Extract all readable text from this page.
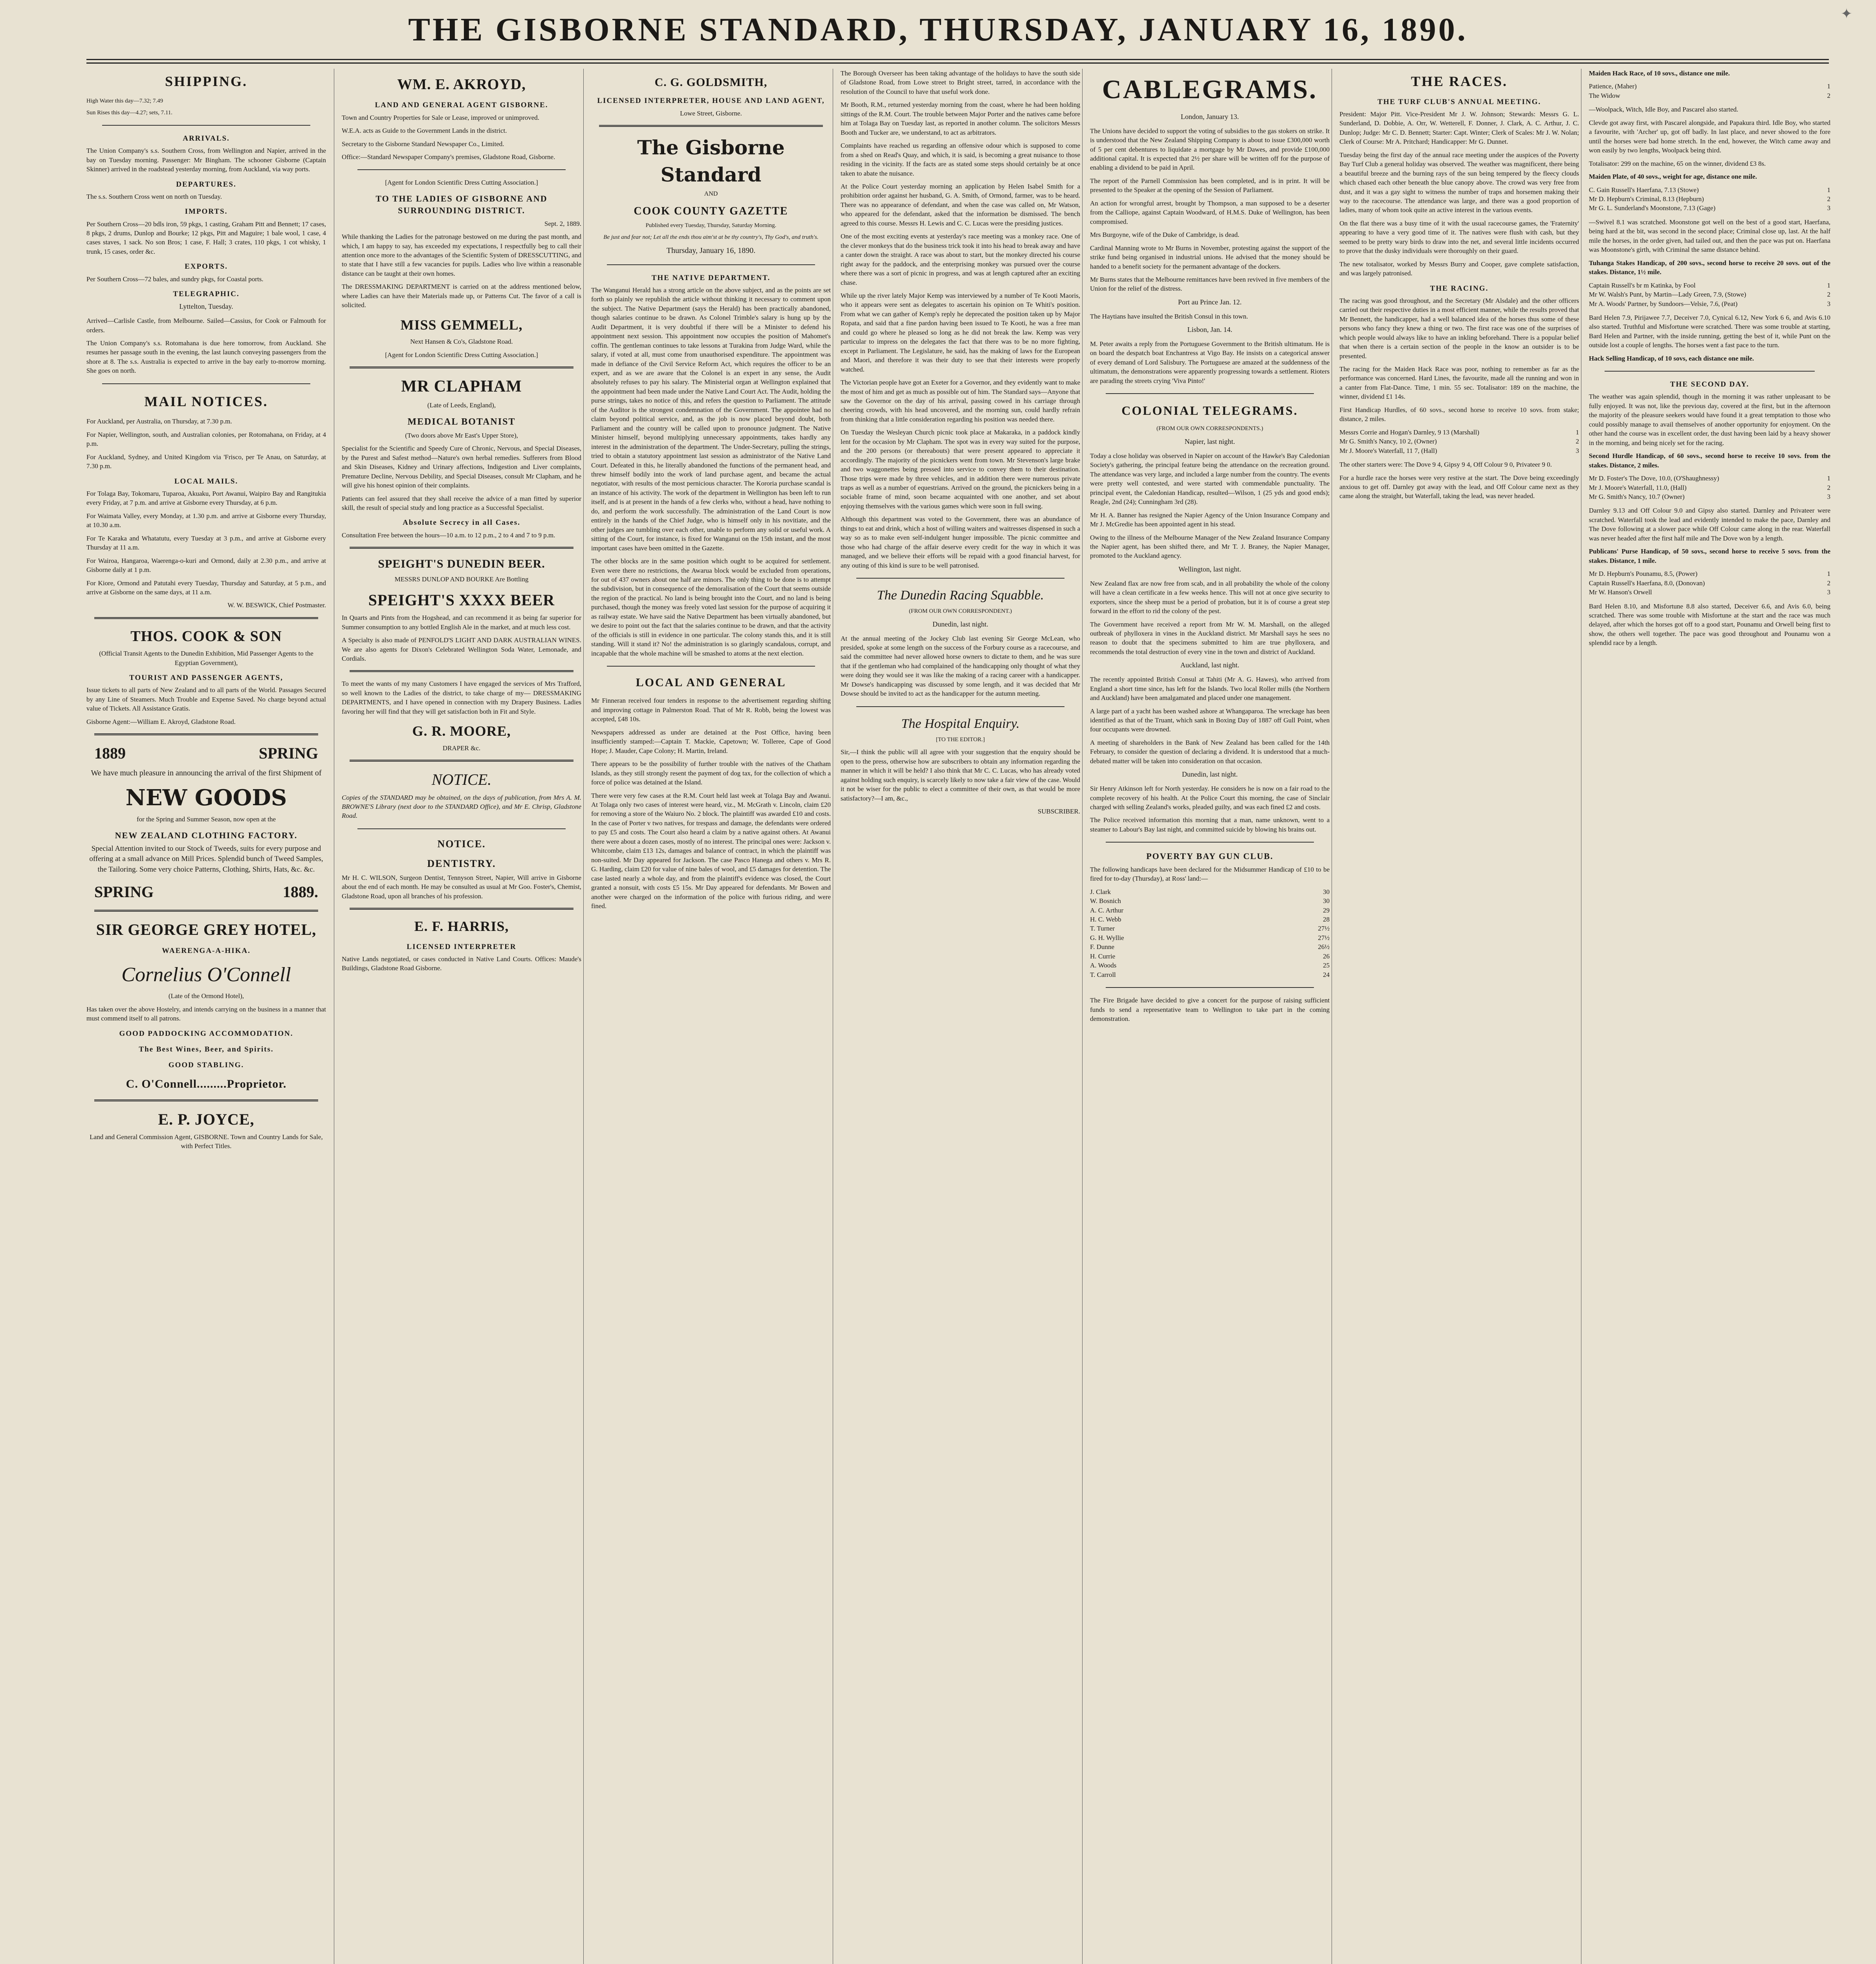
THE GISBORNE STANDARD, THURSDAY, JANUARY 16, 1890.	✦
SHIPPING.
High Water this day—7.32; 7.49
Sun Rises this day—4.27; sets, 7.11.
ARRIVALS.
The Union Company's s.s. Southern Cross, from Wellington and Napier, arrived in the bay on Tuesday morning. Passenger: Mr Bingham. The schooner Gisborne (Captain Skinner) arrived in the roadstead yesterday morning, from Auckland, via way ports.
DEPARTURES.
The s.s. Southern Cross went on north on Tuesday.
IMPORTS.
Per Southern Cross—20 bdls iron, 59 pkgs, 1 casting, Graham Pitt and Bennett; 17 cases, 8 pkgs, 2 drums, Dunlop and Bourke; 12 pkgs, Pitt and Maguire; 1 bale wool, 1 case, 4 cases staves, 1 sack. No son Bros; 1 case, F. Hall; 3 crates, 110 pkgs, 1 cot whisky, 1 trunk, 15 cases, order &c.
EXPORTS.
Per Southern Cross—72 bales, and sundry pkgs, for Coastal ports.
TELEGRAPHIC.
Lyttelton, Tuesday.
Arrived—Carlisle Castle, from Melbourne. Sailed—Cassius, for Cook or Falmouth for orders.
The Union Company's s.s. Rotomahana is due here tomorrow, from Auckland. She resumes her passage south in the evening, the last launch conveying passengers from the shore at 8. The s.s. Australia is expected to arrive in the bay early to-morrow morning. She goes on north.
MAIL NOTICES.
For Auckland, per Australia, on Thursday, at 7.30 p.m.
For Napier, Wellington, south, and Australian colonies, per Rotomahana, on Friday, at 4 p.m.
For Auckland, Sydney, and United Kingdom via 'Frisco, per Te Anau, on Saturday, at 7.30 p.m.
LOCAL MAILS.
For Tolaga Bay, Tokomaru, Tuparoa, Akuaku, Port Awanui, Waipiro Bay and Rangitukia every Friday, at 7 p.m. and arrive at Gisborne every Thursday, at 6 p.m.
For Waimata Valley, every Monday, at 1.30 p.m. and arrive at Gisborne every Thursday, at 10.30 a.m.
For Te Karaka and Whatatutu, every Tuesday at 3 p.m., and arrive at Gisborne every Thursday at 11 a.m.
For Wairoa, Hangaroa, Waerenga-o-kuri and Ormond, daily at 2.30 p.m., and arrive at Gisborne daily at 1 p.m.
For Kiore, Ormond and Patutahi every Tuesday, Thursday and Saturday, at 5 p.m., and arrive at Gisborne on the same days, at 11 a.m.
W. W. BESWICK, Chief Postmaster.
THOS. COOK & SON
(Official Transit Agents to the Dunedin Exhibition, Mid Passenger Agents to the Egyptian Government),
TOURIST AND PASSENGER AGENTS,
Issue tickets to all parts of New Zealand and to all parts of the World. Passages Secured by any Line of Steamers. Much Trouble and Expense Saved. No charge beyond actual value of Tickets. All Assistance Gratis.
Gisborne Agent:—William E. Akroyd, Gladstone Road.
1889	SPRING
We have much pleasure in announcing the arrival of the first Shipment of
NEW GOODS
for the Spring and Summer Season, now open at the
NEW ZEALAND CLOTHING FACTORY.
Special Attention invited to our Stock of Tweeds, suits for every purpose and offering at a small advance on Mill Prices. Splendid bunch of Tweed Samples, the Tailoring. Some very choice Patterns, Clothing, Shirts, Hats, &c. &c.
SPRING	1889.
SIR GEORGE GREY HOTEL,
WAERENGA-A-HIKA.
Cornelius O'Connell
(Late of the Ormond Hotel),
Has taken over the above Hostelry, and intends carrying on the business in a manner that must commend itself to all patrons.
GOOD PADDOCKING ACCOMMODATION.
The Best Wines, Beer, and Spirits.
GOOD STABLING.
C. O'Connell.........Proprietor.
E. P. JOYCE,
Land and General Commission Agent, GISBORNE. Town and Country Lands for Sale, with Perfect Titles.
WM. E. AKROYD,
LAND AND GENERAL AGENT GISBORNE.
Town and Country Properties for Sale or Lease, improved or unimproved.
W.E.A. acts as Guide to the Government Lands in the district.
Secretary to the Gisborne Standard Newspaper Co., Limited.
Office:—Standard Newspaper Company's premises, Gladstone Road, Gisborne.
[Agent for London Scientific Dress Cutting Association.]
TO THE LADIES OF GISBORNE AND SURROUNDING DISTRICT.
Sept. 2, 1889.
While thanking the Ladies for the patronage bestowed on me during the past month, and which, I am happy to say, has exceeded my expectations, I respectfully beg to call their attention once more to the advantages of the Scientific System of DRESSCUTTING, and to state that I have still a few vacancies for pupils. Ladies who live within a reasonable distance can be taught at their own homes.
The DRESSMAKING DEPARTMENT is carried on at the address mentioned below, where Ladies can have their Materials made up, or Patterns Cut. The favor of a call is solicited.
MISS GEMMELL,
Next Hansen & Co's, Gladstone Road.
[Agent for London Scientific Dress Cutting Association.]
MR CLAPHAM
(Late of Leeds, England),
MEDICAL BOTANIST
(Two doors above Mr East's Upper Store),
Specialist for the Scientific and Speedy Cure of Chronic, Nervous, and Special Diseases, by the Purest and Safest method—Nature's own herbal remedies. Sufferers from Blood and Skin Diseases, Kidney and Urinary affections, Indigestion and Liver complaints, Premature Decline, Nervous Debility, and Special Diseases, consult Mr Clapham, and he will give his honest opinion of their complaints.
Patients can feel assured that they shall receive the advice of a man fitted by superior skill, the result of special study and long practice as a Successful Specialist.
Absolute Secrecy in all Cases.
Consultation Free between the hours—10 a.m. to 12 p.m., 2 to 4 and 7 to 9 p.m.
SPEIGHT'S DUNEDIN BEER.
MESSRS DUNLOP AND BOURKE Are Bottling
SPEIGHT'S XXXX BEER
In Quarts and Pints from the Hogshead, and can recommend it as being far superior for Summer consumption to any bottled English Ale in the market, and at much less cost.
A Specialty is also made of PENFOLD'S LIGHT AND DARK AUSTRALIAN WINES. We are also agents for Dixon's Celebrated Wellington Soda Water, Lemonade, and Cordials.
To meet the wants of my many Customers I have engaged the services of Mrs Trafford, so well known to the Ladies of the district, to take charge of my— DRESSMAKING DEPARTMENTS, and I have opened in connection with my Drapery Business. Ladies favoring her will find that they will get satisfaction both in Fit and Style.
G. R. MOORE,
DRAPER &c.
NOTICE.
Copies of the STANDARD may be obtained, on the days of publication, from Mrs A. M. BROWNE'S Library (next door to the STANDARD Office), and Mr E. Chrisp, Gladstone Road.
NOTICE.
DENTISTRY.
Mr H. C. WILSON, Surgeon Dentist, Tennyson Street, Napier, Will arrive in Gisborne about the end of each month. He may be consulted as usual at Mr Goo. Foster's, Chemist, Gladstone Road, upon all branches of his profession.
E. F. HARRIS,
LICENSED INTERPRETER
Native Lands negotiated, or cases conducted in Native Land Courts. Offices: Maude's Buildings, Gladstone Road Gisborne.
C. G. GOLDSMITH,
LICENSED INTERPRETER, HOUSE AND LAND AGENT,
Lowe Street, Gisborne.
The Gisborne Standard
AND
COOK COUNTY GAZETTE
Published every Tuesday, Thursday, Saturday Morning.
Be just and fear not; Let all the ends thou aim'st at be thy country's, Thy God's, and truth's.
Thursday, January 16, 1890.
THE NATIVE DEPARTMENT.
The Wanganui Herald has a strong article on the above subject, and as the points are set forth so plainly we republish the article without thinking it necessary to comment upon the subject. The Native Department (says the Herald) has been practically abandoned, though salaries continue to be drawn. As Colonel Trimble's salary is hung up by the Audit Department, it is very doubtful if there will be a Minister to defend his appointment next session. This appointment now occupies the position of Mahomet's coffin. The gentleman continues to take lessons at Turakina from Judge Ward, while the salary, if voted at all, must come from unauthorised expenditure. The appointment was made in defiance of the Civil Service Reform Act, which requires the officer to be an expert, and as we are aware that the Colonel is an expert in any sense, the Audit absolutely refuses to pay his salary. The Ministerial organ at Wellington explained that the appointment had been made under the Native Land Court Act. The Audit, holding the purse strings, takes no notice of this, and refers the question to Parliament. The attitude of the Auditor is the strongest condemnation of the Government. The appointee had no claim beyond political service, and, as the job is now placed beyond doubt, both Parliament and the country will be called upon to pronounce judgment. The Native Minister himself, beyond multiplying unnecessary appointments, takes hardly any interest in the administration of the department. The Under-Secretary, pulling the strings, tried to obtain a statutory appointment last session as administrator of the Native Land Court. Defeated in this, he literally abandoned the functions of the permanent head, and threw himself bodily into the work of land purchase agent, and became the actual negotiator, with results of the most pernicious character. The Kororia purchase scandal is an instance of his activity. The work of the department in Wellington has been left to run itself, and is at present in the hands of a few clerks who, without a head, have nothing to do, and perform the work successfully. The administration of the Land Court is now entirely in the hands of the Chief Judge, who is himself only in his novitiate, and the other judges are tumbling over each other, unable to perform any solid or useful work. A sitting of the Court, for instance, is fixed for Wanganui on the 15th instant, and the most important cases have been omitted in the Gazette.
The other blocks are in the same position which ought to be acquired for settlement. Even were there no restrictions, the Awarua block would be excluded from operations, for out of 437 owners about one half are minors. The only thing to be done is to attempt the subdivision, but in consequence of the demoralisation of the Court that seems outside the region of the practical. No land is being brought into the Court, and no land is being purchased, though the money was freely voted last session for the purpose of acquiring it as railway estate. We have said the Native Department has been virtually abandoned, but we desire to point out the fact that the salaries continue to be drawn, and that the activity of the officials is still in evidence in one particular. The colony stands this, and it is still standing. Will it stand it? No! the administration is so glaringly scandalous, corrupt, and incapable that the whole machine will be smashed to atoms at the next election.
LOCAL AND GENERAL
Mr Finneran received four tenders in response to the advertisement regarding shifting and improving cottage in Palmerston Road. That of Mr R. Robb, being the lowest was accepted, £48 10s.
Newspapers addressed as under are detained at the Post Office, having been insufficiently stamped:—Captain T. Mackie, Capetown; W. Tolleree, Cape of Good Hope; J. Mauder, Cape Colony; H. Martin, Ireland.
There appears to be the possibility of further trouble with the natives of the Chatham Islands, as they still strongly resent the payment of dog tax, for the collection of which a force of police was detained at the Island.
There were very few cases at the R.M. Court held last week at Tolaga Bay and Awanui. At Tolaga only two cases of interest were heard, viz., M. McGrath v. Lincoln, claim £20 for removing a store of the Waiuro No. 2 block. The plaintiff was awarded £10 and costs. In the case of Porter v two natives, for trespass and damage, the defendants were ordered to pay £5 and costs. The Court also heard a claim by a native against others. At Awanui there were about a dozen cases, mostly of no interest. The principal ones were: Jackson v. Whitcombe, claim £13 12s, damages and balance of contract, in which the plaintiff was non-suited. Mr Day appeared for Jackson. The case Pasco Hanega and others v. Mrs R. G. Harding, claim £20 for value of nine bales of wool, and £5 damages for detention. The case lasted nearly a whole day, and from the plaintiff's evidence was closed, the Court granted a nonsuit, with costs £5 15s. Mr Day appeared for defendants. Mr Bowen and another were charged on the information of the police with furious riding, and were fined.
The Borough Overseer has been taking advantage of the holidays to have the south side of Gladstone Road, from Lowe street to Bright street, tarred, in accordance with the resolution of the Council to have that useful work done.
Mr Booth, R.M., returned yesterday morning from the coast, where he had been holding sittings of the R.M. Court. The trouble between Major Porter and the natives came before him at Tolaga Bay on Tuesday last, as reported in another column. The solicitors Messrs Booth and Tucker are, we understand, to act as arbitrators.
Complaints have reached us regarding an offensive odour which is supposed to come from a shed on Read's Quay, and which, it is said, is becoming a great nuisance to those residing in the vicinity. If the facts are as stated some steps should certainly be at once taken to abate the nuisance.
At the Police Court yesterday morning an application by Helen Isabel Smith for a prohibition order against her husband, G. A. Smith, of Ormond, farmer, was to be heard. There was no appearance of defendant, and when the case was called on, Mr Watson, who appeared for the defendant, asked that the information be dismissed. The bench agreed to this course. Messrs H. Lewis and C. C. Lucas were the presiding justices.
One of the most exciting events at yesterday's race meeting was a monkey race. One of the clever monkeys that do the business trick took it into his head to break away and have a canter down the straight. A race was about to start, but the monkey directed his course right away for the paddock, and the enterprising monkey was pursued over the course where there was a sort of picnic in progress, and was at length captured after an exciting chase.
While up the river lately Major Kemp was interviewed by a number of Te Kooti Maoris, who it appears were sent as delegates to ascertain his opinion on Te Whiti's position. From what we can gather of Kemp's reply he deprecated the position taken up by Major Ropata, and said that a fine pardon having been issued to Te Kooti, he was a free man and could go where he pleased so long as he did not break the law. Kemp was very particular to impress on the delegates the fact that there was to be no more fighting, except in Parliament. The Legislature, he said, has the making of laws for the European and Maori, and therefore it was their duty to see that their interests were properly watched.
The Victorian people have got an Exeter for a Governor, and they evidently want to make the most of him and get as much as possible out of him. The Standard says—Anyone that saw the Governor on the day of his arrival, passing cowed in his carriage through cheering crowds, with his head uncovered, and the morning sun, could hardly refrain from thinking that a little consideration regarding his position was needed there.
On Tuesday the Wesleyan Church picnic took place at Makaraka, in a paddock kindly lent for the occasion by Mr Clapham. The spot was in every way suited for the purpose, and the 200 persons (or thereabouts) that were present appeared to appreciate it accordingly. The majority of the picnickers went from town. Mr Stevenson's large brake and two waggonettes being pressed into service to convey them to their destination. Those trips were made by three vehicles, and in addition there were numerous private traps as well as a number of equestrians. Arrived on the ground, the picnickers being in a sociable frame of mind, soon became acquainted with one another, and set about enjoying themselves with the various games which were soon in full swing.
Although this department was voted to the Government, there was an abundance of things to eat and drink, which a host of willing waiters and waitresses dispensed in such a way so as to make even self-indulgent hunger impossible. The picnic committee and those who had charge of the affair deserve every credit for the way in which it was managed, and we believe their efforts will be repaid with a good financial harvest, for any outing of this kind is sure to be well patronised.
The Dunedin Racing Squabble.
(FROM OUR OWN CORRESPONDENT.)
Dunedin, last night.
At the annual meeting of the Jockey Club last evening Sir George McLean, who presided, spoke at some length on the success of the Forbury course as a racecourse, and said the committee had never allowed horse owners to dictate to them, and he was sure that if the gentleman who had complained of the handicapping only thought of what they were doing they would see it was like the making of a racing career with a handicapper. Mr Dowse's handicapping was discussed by some length, and it was decided that Mr Dowse should be invited to act as the handicapper for the autumn meeting.
The Hospital Enquiry.
[TO THE EDITOR.]
Sir,—I think the public will all agree with your suggestion that the enquiry should be open to the press, otherwise how are subscribers to obtain any information regarding the manner in which it will be held? I also think that Mr C. C. Lucas, who has already voted against holding such enquiry, is scarcely likely to now take a fair view of the case. Would it not be wiser for the public to elect a committee of their own, as that would be more satisfactory?—I am, &c.,
SUBSCRIBER.
CABLEGRAMS.
London, January 13.
The Unions have decided to support the voting of subsidies to the gas stokers on strike. It is understood that the New Zealand Shipping Company is about to issue £300,000 worth of 5 per cent debentures to liquidate a mortgage by Mr Dawes, and provide £100,000 additional capital. It is expected that 2½ per share will be written off for the purpose of enabling a dividend to be paid in April.
The report of the Parnell Commission has been completed, and is in print. It will be presented to the Speaker at the opening of the Session of Parliament.
An action for wrongful arrest, brought by Thompson, a man supposed to be a deserter from the Calliope, against Captain Woodward, of H.M.S. Duke of Wellington, has been compromised.
Mrs Burgoyne, wife of the Duke of Cambridge, is dead.
Cardinal Manning wrote to Mr Burns in November, protesting against the support of the strike fund being organised in industrial unions. He advised that the money should be handed to a benefit society for the permanent advantage of the dockers.
Mr Burns states that the Melbourne remittances have been revived in five members of the Union for the relief of the distress.
Port au Prince Jan. 12.
The Haytians have insulted the British Consul in this town.
Lisbon, Jan. 14.
M. Peter awaits a reply from the Portuguese Government to the British ultimatum. He is on board the despatch boat Enchantress at Vigo Bay. He insists on a categorical answer of every demand of Lord Salisbury. The Portuguese are amazed at the suddenness of the ultimatum, the demonstrations were apparently progressing towards a settlement. Rioters are parading the streets crying 'Viva Pinto!'
COLONIAL TELEGRAMS.
(FROM OUR OWN CORRESPONDENTS.)
Napier, last night.
Today a close holiday was observed in Napier on account of the Hawke's Bay Caledonian Society's gathering, the principal feature being the attendance on the recreation ground. The attendance was very large, and included a large number from the country. The events were pretty well contested, and were started with commendable punctuality. The principal event, the Caledonian Handicap, resulted—Wilson, 1 (25 yds and good ends); Reagle, 2nd (24); Cunningham 3rd (28).
Mr H. A. Banner has resigned the Napier Agency of the Union Insurance Company and Mr J. McGredie has been appointed agent in his stead.
Owing to the illness of the Melbourne Manager of the New Zealand Insurance Company the Napier agent, has been shifted there, and Mr T. J. Braney, the Napier Manager, promoted to the Auckland agency.
Wellington, last night.
New Zealand flax are now free from scab, and in all probability the whole of the colony will have a clean certificate in a few weeks hence. This will not at once give security to exporters, since the sheep must be a period of probation, but it is of course a great step forward in the effort to rid the colony of the pest.
The Government have received a report from Mr W. M. Marshall, on the alleged outbreak of phylloxera in vines in the Auckland district. Mr Marshall says he sees no reason to doubt that the specimens submitted to him are true phylloxera, and recommends the total destruction of every vine in the town and district of Auckland.
Auckland, last night.
The recently appointed British Consul at Tahiti (Mr A. G. Hawes), who arrived from England a short time since, has left for the Islands. Two local Roller mills (the Northern and Auckland) have been amalgamated and placed under one management.
A large part of a yacht has been washed ashore at Whangaparoa. The wreckage has been identified as that of the Truant, which sank in Boxing Day of 1887 off Gull Point, when four occupants were drowned.
A meeting of shareholders in the Bank of New Zealand has been called for the 14th February, to consider the question of declaring a dividend. It is understood that a much-debated matter will be taken into consideration on that occasion.
Dunedin, last night.
Sir Henry Atkinson left for North yesterday. He considers he is now on a fair road to the complete recovery of his health. At the Police Court this morning, the case of Sinclair charged with selling Zealand's works, pleaded guilty, and was each fined £2 and costs.
The Police received information this morning that a man, name unknown, went to a steamer to Labour's Bay last night, and committed suicide by blowing his brains out.
POVERTY BAY GUN CLUB.
The following handicaps have been declared for the Midsummer Handicap of £10 to be fired for to-day (Thursday), at Ross' land:—
J. Clark	30
W. Bosnich	30
A. C. Arthur	29
H. C. Webb	28
T. Turner	27½
G. H. Wyllie	27½
F. Dunne	26½
H. Currie	26
A. Woods	25
T. Carroll	24
The Fire Brigade have decided to give a concert for the purpose of raising sufficient funds to send a representative team to Wellington to take part in the coming demonstration.
THE RACES.
THE TURF CLUB'S ANNUAL MEETING.
President: Major Pitt. Vice-President Mr J. W. Johnson; Stewards: Messrs G. L. Sunderland, D. Dobbie, A. Orr, W. Wetterell, F. Donner, J. Clark, A. C. Arthur, J. C. Dunlop; Judge: Mr C. D. Bennett; Starter: Capt. Winter; Clerk of Scales: Mr J. W. Nolan; Clerk of Course: Mr A. Pritchard; Handicapper: Mr G. Dunnet.
Tuesday being the first day of the annual race meeting under the auspices of the Poverty Bay Turf Club a general holiday was observed. The weather was magnificent, there being a beautiful breeze and the burning rays of the sun being tempered by the fleecy clouds which chased each other beneath the blue canopy above. The crowd was very free from dust, and it was a gay sight to witness the number of traps and horsemen making their way to the racecourse. The attendance was large, and there was a good proportion of ladies, many of whom took quite an active interest in the various events.
On the flat there was a busy time of it with the usual racecourse games, the 'Fraternity' appearing to have a very good time of it. The natives were flush with cash, but they seemed to be pretty wary birds to draw into the net, and several little incidents occurred to prove that the dusky individuals were thoroughly on their guard.
The new totalisator, worked by Messrs Burry and Cooper, gave complete satisfaction, and was largely patronised.
THE RACING.
The racing was good throughout, and the Secretary (Mr Alsdale) and the other officers carried out their respective duties in a most efficient manner, while the results proved that Mr Bennett, the handicapper, had a well balanced idea of the horses thus some of these persons who fancy they knew a thing or two. The first race was one of the surprises of which people would always like to have an inkling beforehand. There is a popular belief that when there is a certain section of the people in the know an outsider is to be presented.
The racing for the Maiden Hack Race was poor, nothing to remember as far as the performance was concerned. Hard Lines, the favourite, made all the running and won in a canter from Flat-Dance. Time, 1 min. 55 sec. Totalisator: 189 on the machine, the winner, dividend £1 14s.
First Handicap Hurdles, of 60 sovs., second horse to receive 10 sovs. from stake; distance, 2 miles.
Messrs Corrie and Hogan's Darnley, 9 13 (Marshall)	1
Mr G. Smith's Nancy, 10 2, (Owner)	2
Mr J. Moore's Waterfall, 11 7, (Hall)	3
The other starters were: The Dove 9 4, Gipsy 9 4, Off Colour 9 0, Privateer 9 0.
For a hurdle race the horses were very restive at the start. The Dove being exceedingly anxious to get off. Darnley got away with the lead, and Off Colour came next as they came along the straight, but Waterfall, taking the lead, was never headed.
Maiden Hack Race, of 10 sovs., distance one mile.
Patience, (Maher)	1
The Widow	2
—Woolpack, Witch, Idle Boy, and Pascarel also started.
Clevde got away first, with Pascarel alongside, and Papakura third. Idle Boy, who started a favourite, with 'Archer' up, got off badly. In last place, and never showed to the fore until the horses were bad home stretch. In the end, however, the Witch came away and won easily by two lengths, Woolpack being third.
Totalisator: 299 on the machine, 65 on the winner, dividend £3 8s.
Maiden Plate, of 40 sovs., weight for age, distance one mile.
C. Gain Russell's Haerfana, 7.13 (Stowe)	1
Mr D. Hepburn's Criminal, 8.13 (Hepburn)	2
Mr G. L. Sunderland's Moonstone, 7.13 (Gage)	3
—Swivel 8.1 was scratched. Moonstone got well on the best of a good start, Haerfana, being hard at the bit, was second in the second place; Criminal close up, last. At the half mile the horses, in the order given, had tailed out, and then the pace was put on. Haerfana was Moonstone's girth, with Criminal the same distance behind.
Tuhanga Stakes Handicap, of 200 sovs., second horse to receive 20 sovs. out of the stakes. Distance, 1½ mile.
Captain Russell's br m Katinka, by Fool	1
Mr W. Walsh's Punt, by Martin—Lady Green, 7.9, (Stowe)	2
Mr A. Woods' Partner, by Sundoors—Velsie, 7.6, (Peat)	3
Bard Helen 7.9, Pirijawee 7.7, Deceiver 7.0, Cynical 6.12, New York 6 6, and Avis 6.10 also started. Truthful and Misfortune were scratched. There was some trouble at starting, Bard Helen and Partner, with the inside running, getting the best of it, while Punt on the outside lost a couple of lengths. The horses went a fast pace to the turn.
Hack Selling Handicap, of 10 sovs, each distance one mile.
THE SECOND DAY.
The weather was again splendid, though in the morning it was rather unpleasant to be fully enjoyed. It was not, like the previous day, covered at the first, but in the afternoon the majority of the pleasure seekers would have found it a great temptation to those who could possibly manage to avail themselves of another opportunity for enjoyment. On the other hand the course was in excellent order, the dust having been laid by a heavy shower in the morning, and being nicely set for the racing.
Second Hurdle Handicap, of 60 sovs., second horse to receive 10 sovs. from the stakes. Distance, 2 miles.
Mr D. Foster's The Dove, 10.0, (O'Shaughnessy)	1
Mr J. Moore's Waterfall, 11.0, (Hall)	2
Mr G. Smith's Nancy, 10.7 (Owner)	3
Darnley 9.13 and Off Colour 9.0 and Gipsy also started. Darnley and Privateer were scratched. Waterfall took the lead and evidently intended to make the pace, Darnley and The Dove following at a slower pace while Off Colour came along in the rear. Waterfall was never headed after the first half mile and The Dove won by a length.
Publicans' Purse Handicap, of 50 sovs., second horse to receive 5 sovs. from the stakes. Distance, 1 mile.
Mr D. Hepburn's Pounamu, 8.5, (Power)	1
Captain Russell's Haerfana, 8.0, (Donovan)	2
Mr W. Hanson's Orwell	3
Bard Helen 8.10, and Misfortune 8.8 also started, Deceiver 6.6, and Avis 6.0, being scratched. There was some trouble with Misfortune at the start and the race was much delayed, after which the horses got off to a good start, Pounamu and Orwell being first to show, the others well together. The pace was good throughout and Pounamu won a splendid race by a length.
